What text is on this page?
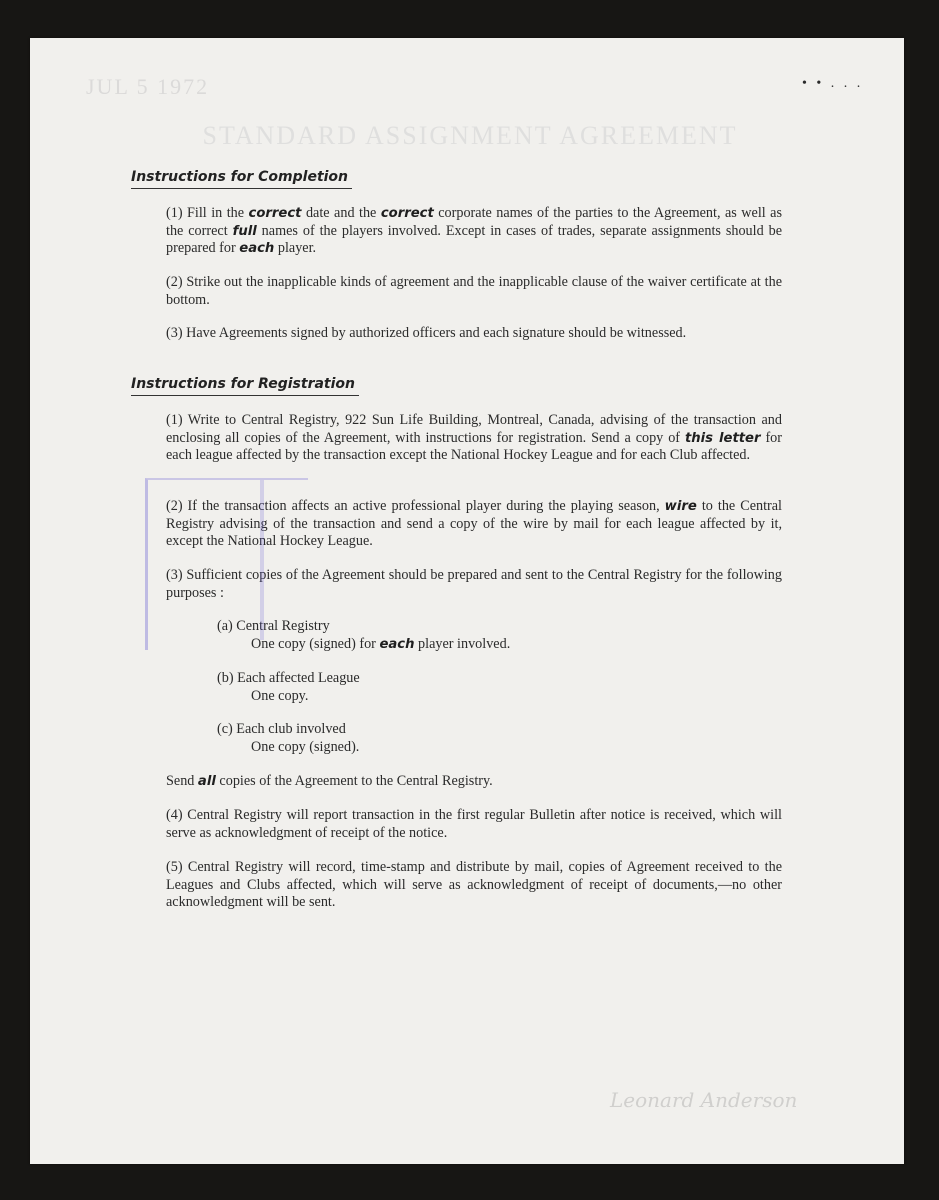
JUL 5 1972
STANDARD ASSIGNMENT AGREEMENT
• • . . .
Instructions for Completion

(1) Fill in the correct date and the correct corporate names of the parties to the Agreement, as well as the correct full names of the players involved. Except in cases of trades, separate assignments should be prepared for each player.

(2) Strike out the inapplicable kinds of agreement and the inapplicable clause of the waiver certificate at the bottom.

(3) Have Agreements signed by authorized officers and each signature should be witnessed.

Instructions for Registration

(1) Write to Central Registry, 922 Sun Life Building, Montreal, Canada, advising of the transaction and enclosing all copies of the Agreement, with instructions for registration. Send a copy of this letter for each league affected by the transaction except the National Hockey League and for each Club affected.

(2) If the transaction affects an active professional player during the playing season, wire to the Central Registry advising of the transaction and send a copy of the wire by mail for each league affected by it, except the National Hockey League.

(3) Sufficient copies of the Agreement should be prepared and sent to the Central Registry for the following purposes :

(a) Central Registry
One copy (signed) for each player involved.
(b) Each affected League
One copy.
(c) Each club involved
One copy (signed).

Send all copies of the Agreement to the Central Registry.

(4) Central Registry will report transaction in the first regular Bulletin after notice is received, which will serve as acknowledgment of receipt of the notice.

(5) Central Registry will record, time-stamp and distribute by mail, copies of Agreement received to the Leagues and Clubs affected, which will serve as acknowledgment of receipt of documents,—no other acknowledgment will be sent.

Leonard Anderson
